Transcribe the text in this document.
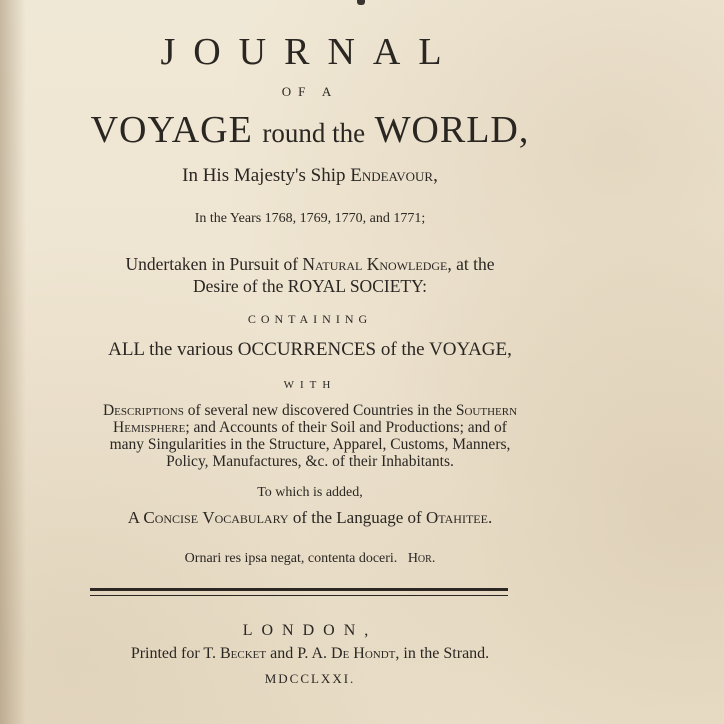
JOURNAL
OF A
VOYAGE round the WORLD,
In His Majesty's Ship Endeavour,
In the Years 1768, 1769, 1770, and 1771;
Undertaken in Pursuit of Natural Knowledge, at the
Desire of the ROYAL SOCIETY:
CONTAINING
ALL the various OCCURRENCES of the VOYAGE,
WITH
Descriptions of several new discovered Countries in the Southern
Hemisphere; and Accounts of their Soil and Productions; and of
many Singularities in the Structure, Apparel, Customs, Manners,
Policy, Manufactures, &c. of their Inhabitants.
To which is added,
A Concise Vocabulary of the Language of Otahitee.
Ornari res ipsa negat, contenta doceri. Hor.
LONDON,
Printed for T. Becket and P. A. De Hondt, in the Strand.
MDCCLXXI.
